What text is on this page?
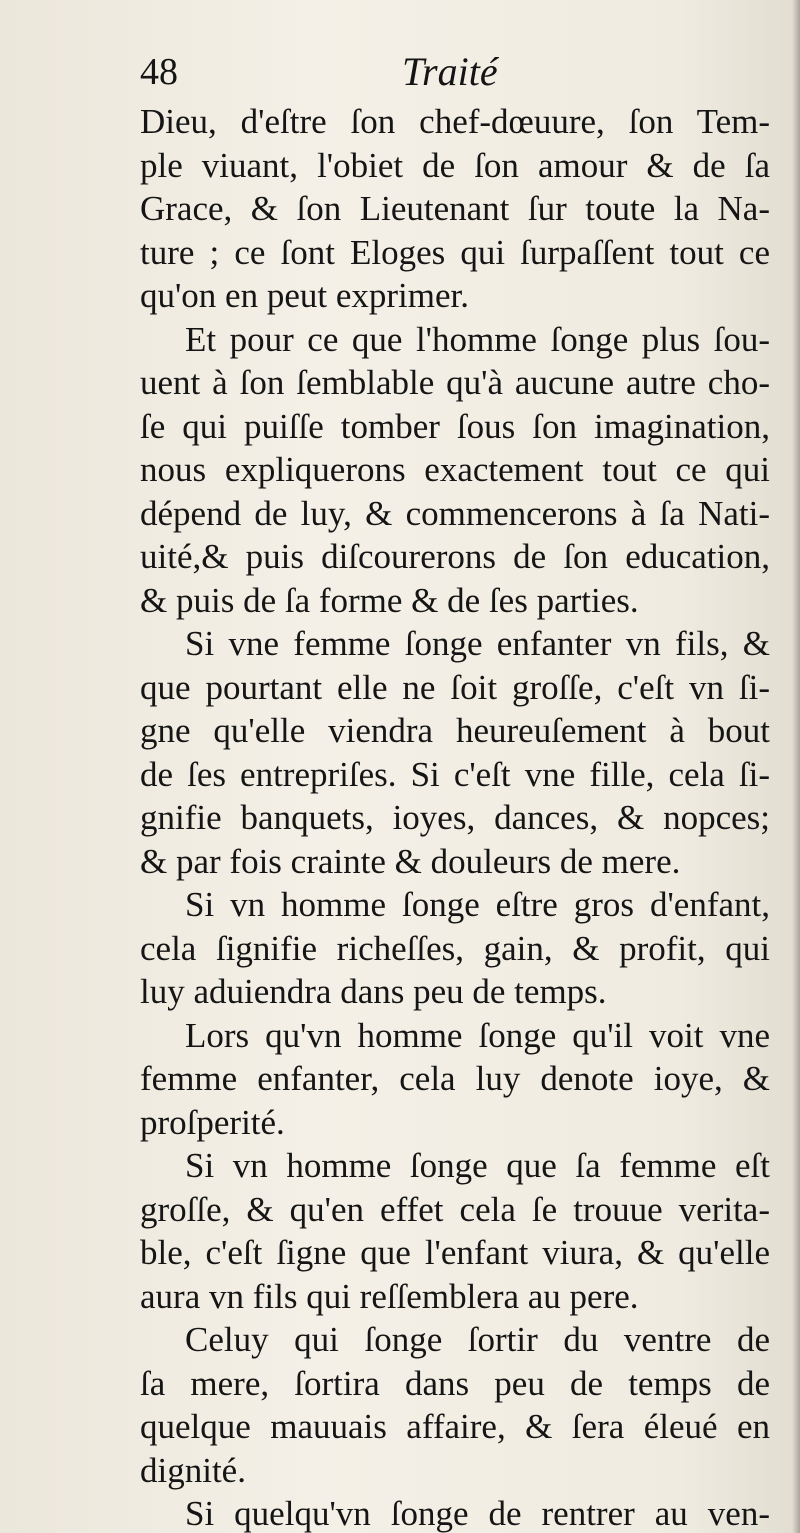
48	Traité
Dieu, d'eſtre ſon chef-dœuure, ſon Tem-
ple viuant, l'obiet de ſon amour & de ſa
Grace, & ſon Lieutenant ſur toute la Na-
ture ; ce ſont Eloges qui ſurpaſſent tout ce
qu'on en peut exprimer.
Et pour ce que l'homme ſonge plus ſou-
uent à ſon ſemblable qu'à aucune autre cho-
ſe qui puiſſe tomber ſous ſon imagination,
nous expliquerons exactement tout ce qui
dépend de luy, & commencerons à ſa Nati-
uité,& puis diſcourerons de ſon education,
& puis de ſa forme & de ſes parties.
Si vne femme ſonge enfanter vn fils, &
que pourtant elle ne ſoit groſſe, c'eſt vn ſi-
gne qu'elle viendra heureuſement à bout
de ſes entrepriſes. Si c'eſt vne fille, cela ſi-
gnifie banquets, ioyes, dances, & nopces;
& par fois crainte & douleurs de mere.
Si vn homme ſonge eſtre gros d'enfant,
cela ſignifie richeſſes, gain, & profit, qui
luy aduiendra dans peu de temps.
Lors qu'vn homme ſonge qu'il voit vne
femme enfanter, cela luy denote ioye, &
proſperité.
Si vn homme ſonge que ſa femme eſt
groſſe, & qu'en effet cela ſe trouue verita-
ble, c'eſt ſigne que l'enfant viura, & qu'elle
aura vn fils qui reſſemblera au pere.
Celuy qui ſonge ſortir du ventre de
ſa mere, ſortira dans peu de temps de
quelque mauuais affaire, & ſera éleué en
dignité.
Si quelqu'vn ſonge de rentrer au ven-
